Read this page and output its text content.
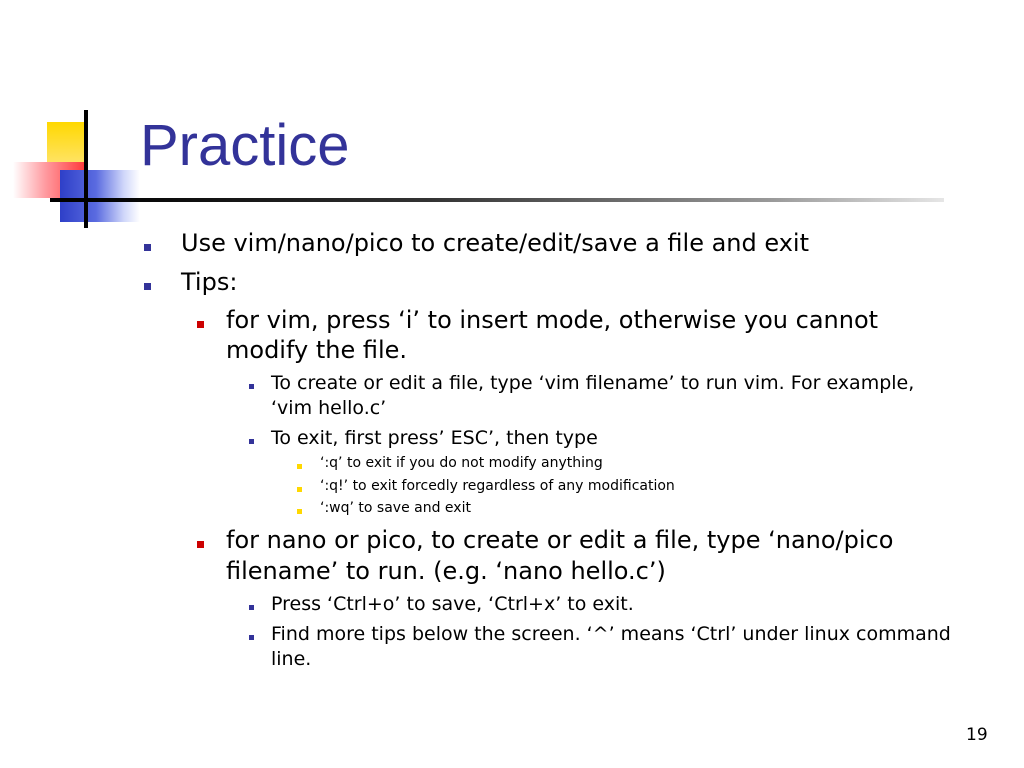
Practice
Use vim/nano/pico to create/edit/save a file and exit
Tips:
for vim, press ‘i’ to insert mode, otherwise you cannot
modify the file.
To create or edit a file, type ‘vim filename’ to run vim. For example,
‘vim hello.c’
To exit, first press’ ESC’, then type
‘:q’ to exit if you do not modify anything
‘:q!’ to exit forcedly regardless of any modification
‘:wq’ to save and exit
for nano or pico, to create or edit a file, type ‘nano/pico
filename’ to run. (e.g. ‘nano hello.c’)
Press ‘Ctrl+o’ to save, ‘Ctrl+x’ to exit.
Find more tips below the screen. ‘^’ means ‘Ctrl’ under linux command
line.
19
